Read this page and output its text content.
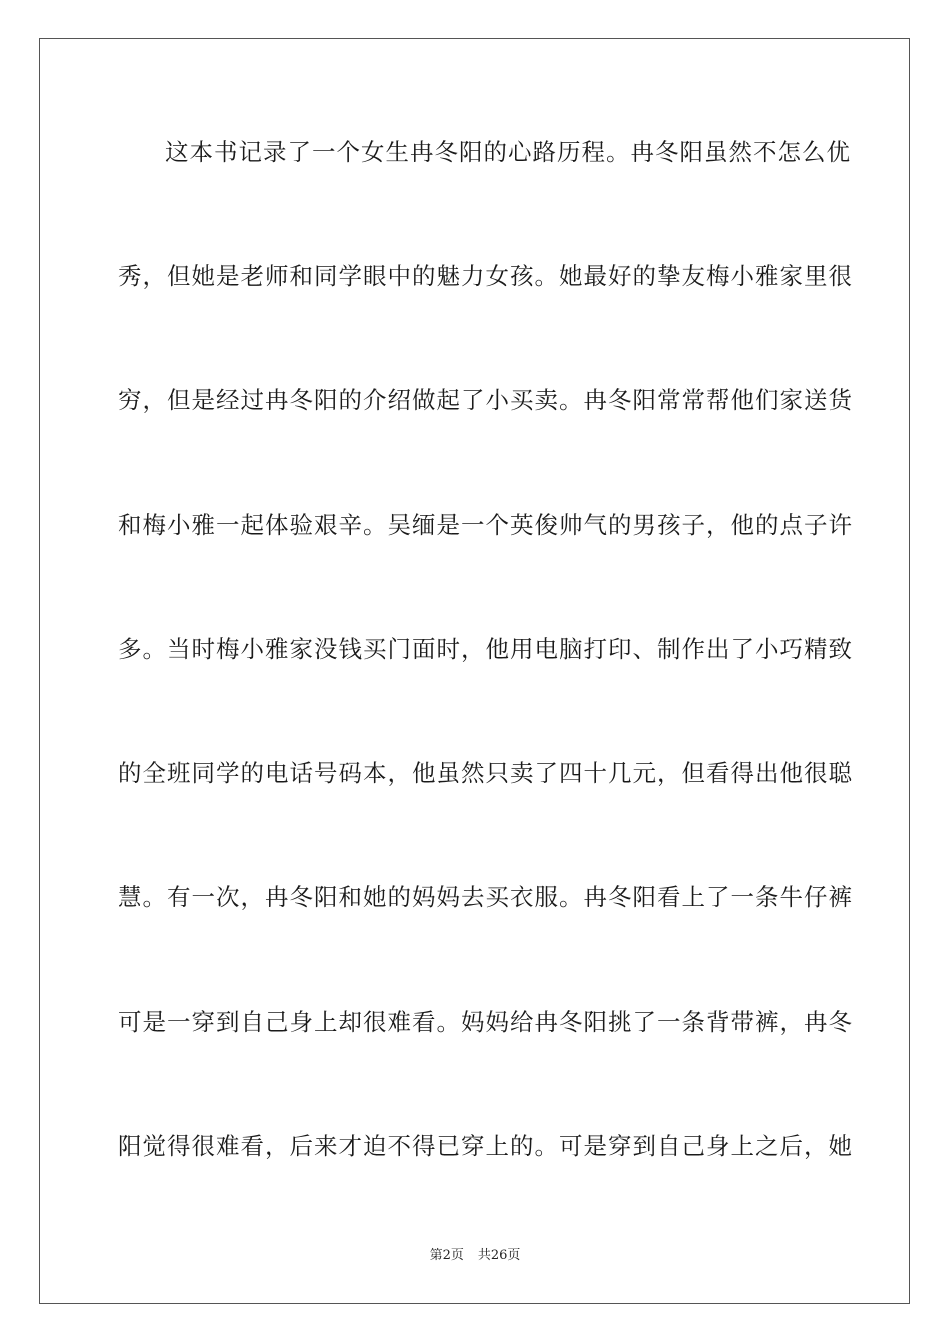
这本书记录了一个女生冉冬阳的心路历程。冉冬阳虽然不怎么优
秀，但她是老师和同学眼中的魅力女孩。她最好的挚友梅小雅家里很
穷，但是经过冉冬阳的介绍做起了小买卖。冉冬阳常常帮他们家送货
和梅小雅一起体验艰辛。吴缅是一个英俊帅气的男孩子，他的点子许
多。当时梅小雅家没钱买门面时，他用电脑打印、制作出了小巧精致
的全班同学的电话号码本，他虽然只卖了四十几元，但看得出他很聪
慧。有一次，冉冬阳和她的妈妈去买衣服。冉冬阳看上了一条牛仔裤
可是一穿到自己身上却很难看。妈妈给冉冬阳挑了一条背带裤，冉冬
阳觉得很难看，后来才迫不得已穿上的。可是穿到自己身上之后，她
第2页 共26页
